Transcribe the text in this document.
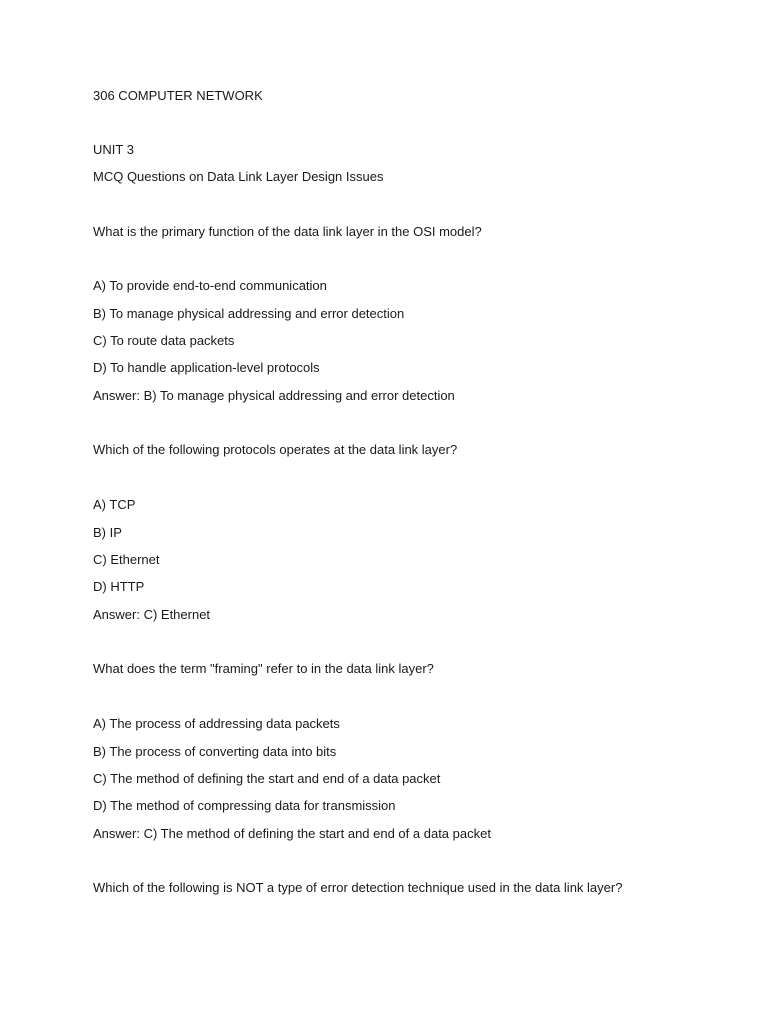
306 COMPUTER NETWORK
UNIT 3
MCQ Questions on Data Link Layer Design Issues
What is the primary function of the data link layer in the OSI model?
A) To provide end-to-end communication
B) To manage physical addressing and error detection
C) To route data packets
D) To handle application-level protocols
Answer: B) To manage physical addressing and error detection
Which of the following protocols operates at the data link layer?
A) TCP
B) IP
C) Ethernet
D) HTTP
Answer: C) Ethernet
What does the term "framing" refer to in the data link layer?
A) The process of addressing data packets
B) The process of converting data into bits
C) The method of defining the start and end of a data packet
D) The method of compressing data for transmission
Answer: C) The method of defining the start and end of a data packet
Which of the following is NOT a type of error detection technique used in the data link layer?
